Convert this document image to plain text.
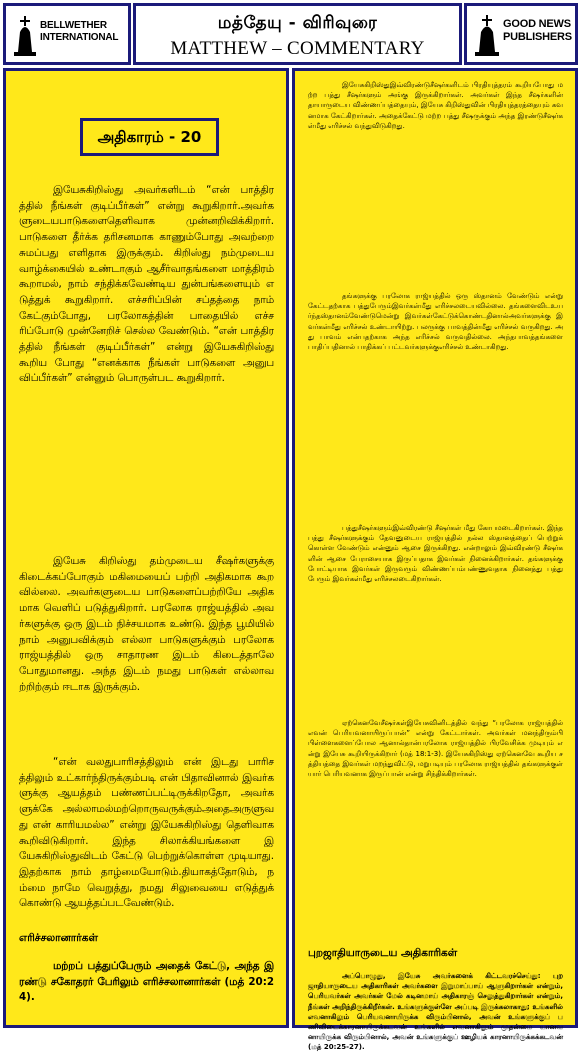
BELLWETHER INTERNATIONAL
மத்தேயு - விரிவுரை
MATTHEW – COMMENTARY
GOOD NEWS PUBLISHERS
அதிகாரம் - 20

இயேசுகிறிஸ்து அவர்களிடம் “என் பாத்திரத்தில் நீங்கள் குடிப்பீர்கள்” என்று கூறுகிறார்.அவர்களுடையபாடுகளைதெளிவாக முன்னறிவிக்கிறார். பாடுகளை தீர்க்க தரிசனமாக காணும்போது அவற்றை சுமப்பது எளிதாக இருக்கும். கிறிஸ்து நம்முடைய வாழ்க்கையில் உண்டாகும் ஆசீர்வாதங்களை மாத்திரம் கூறாமல், நாம் சந்திக்கவேண்டிய துன்பங்களையும் எடுத்துக் கூறுகிறார். எச்சரிப்பின் சப்தத்தை நாம் கேட்கும்போது, பரலோகத்தின் பாதையில் எச்சரிப்போடு முன்னேறிச் செல்ல வேண்டும். “என் பாத்திரத்தில் நீங்கள் குடிப்பீர்கள்” என்று இயேசுகிறிஸ்து கூறிய போது “எனக்காக நீங்கள் பாடுகளை அனுபவிப்பீர்கள்” என்னும் பொருள்பட கூறுகிறார்.

இயேசு கிறிஸ்து தம்முடைய சீஷர்களுக்கு கிடைக்கப்போகும் மகிமையைப் பற்றி அதிகமாக கூறவில்லை. அவர்களுடைய பாடுகளைப்பற்றியே அதிகமாக வெளிப் படுத்துகிறார். பரலோக ராஜ்யத்தில் அவர்களுக்கு ஒரு இடம் நிச்சயமாக உண்டு. இந்த பூமியில் நாம் அனுபவிக்கும் எல்லா பாடுகளுக்கும் பரலோக ராஜ்யத்தில் ஒரு சாதாரண இடம் கிடைத்தாலே போதுமானது. அந்த இடம் நமது பாடுகள் எல்லாவற்றிற்கும் ஈடாக இருக்கும்.

“என் வலதுபாரிசத்திலும் என் இடது பாரிசத்திலும் உட்கார்ந்திருக்கும்படி என் பிதாவினால் இவர்களுக்கு ஆயத்தம் பண்ணப்பட்டிருக்கிறதோ, அவர்களுக்கே அல்லாமல்மற்றொருவருக்கும்அதைஅருளுவது என் காரியமல்ல” என்று இயேசுகிறிஸ்து தெளிவாக கூறிவிடுகிறார். இந்த சிலாக்கியங்களை இயேசுகிறிஸ்துவிடம் கேட்டு பெற்றுக்கொள்ள முடியாது. இதற்காக நாம் தாழ்மையோடும்.தியாகத்தோடும், நம்மை நாமே வெறுத்து, நமது சிலுவையை எடுத்துக் கொண்டு ஆயத்தப்படவேண்டும்.

எரிச்சலானார்கள்

மற்றப் பத்துப்பேரும் அதைக் கேட்டு, அந்த இரண்டு சகோதரர் பேரிலும் எரிச்சலானார்கள் (மத் 20:24).

இயேசுகிறிஸ்துஇவ்விரண்டுசீஷர்களிடம் பிரதியுத்தரம் கூறியபோது மற்ற பத்து சீஷர்களும் அங்கு இருக்கிறார்கள். அவர்கள் இந்த சீஷர்களின் தாயாருடைய விண்ணப்பத்தையும், இயேசு கிறிஸ்துவின் பிரதியுத்தரத்தையும் கவனமாக கேட்கிறார்கள். அதைக்கேட்டு மற்ற பத்து சீஷருக்கும் அந்த இரண்டுசீஷர்கள்மீது எரிச்சல் வந்துவிடுகிறது.

தங்களுக்கு பரலோக ராஜ்யத்தில் ஒரு ஸ்தானம் வேண்டும் என்று கேட்டதற்காக பத்துபேரும்இவர்கள்மீது எரிச்சலடையவில்லை. தங்களைவிடஉயர்ந்தஸ்தானம்வேண்டுமென்று இவர்கள்கேட்டுக்கொண்டதினால்அவர்களுக்கு இவர்கள்மீது எரிச்சல் உண்டாயிற்று. பலருக்கு பாவத்தின்மீது எரிச்சல் வருகிறது. அது பாவம் என்பதற்காக அந்த எரிச்சல் வருவதில்லை. அந்தபாவத்தங்களை பாதிப்பதினால் பாதிக்கப் பட்டவர்களுக்குஎரிச்சல் உண்டாகிறது.

பத்துசீஷர்களும்இவ்விரண்டு சீஷர்கள் மீது கோபமடைகிறார்கள். இந்த பத்து சீஷர்களுக்கும் தேவனுடைய ராஜ்யத்தில் நல்ல ஸ்தானத்தைப் பெற்றுக் கொள்ள வேண்டும் என்னும் ஆசை இருக்கிறது. என்றாலும் இவ்விரண்டு சீஷர்களின் ஆசை பேராசையாக இருப்பதாக இவர்கள் நினைக்கிறார்கள். தங்களுக்கு போட்டியாக இவர்கள் இருவரும் விண்ணப்பம்பண்ணுவதாக நினைத்து பத்து பேரும் இவர்கள்மீது எரிச்சலடைகிறார்கள்.

ஏற்கெனவேசீஷர்கள்இயேசுவினிடத்தில் வந்து “பரலோக ராஜ்யத்தில் எவன் பெரியவனாயிருப்பான்” என்று கேட்டார்கள். அவர்கள் மனந்திரும்பி பிள்ளைகளைப்போல ஆனால்தான்பரலோக ராஜ்யத்தில் பிரவேசிக்க முடியும் என்று இயேசு கூறியிருக்கிறார் (மத் 18:1-3). இயேசுகிறிஸ்து ஏற்கெனவே கூறிய சத்தியத்தை இவர்கள் மறந்துவிட்டு, மறுபடியும் பரலோக ராஜ்யத்தில் தங்களுக்குள் யார் பெரியவனாக இருப்பான் என்று சிந்திக்கிறார்கள்.

புறஜாதியாருடைய அதிகாரிகள்

அப்பொழுது, இயேசு அவர்களைக் கிட்டவரச்செய்து: புறஜாதியாருடைய அதிகாரிகள் அவர்களை இறுமாப்பாய் ஆளுகிறார்கள் என்றும், பெரியவர்கள் அவர்கள் மேல் கடினமாய் அதிகாரஞ் செலுத்துகிறார்கள் என்றும், நீங்கள் அறிந்திருக்கிறீர்கள். உங்களுக்குள்ளே அப்படி இருக்கலாகாது; உங்களில் எவனாகிலும் பெரியவனாயிருக்க விரும்பினால், அவன் உங்களுக்குப் பணிவிடைக்காரனாயிருக்கடவன் உங்களில் எவனாகிலும் முதன்மை யானவனாயிருக்க விரும்பினால், அவன் உங்களுக்குப் ஊழியக் காரனாயிருக்கக்கடவன் (மத் 20:25-27).
